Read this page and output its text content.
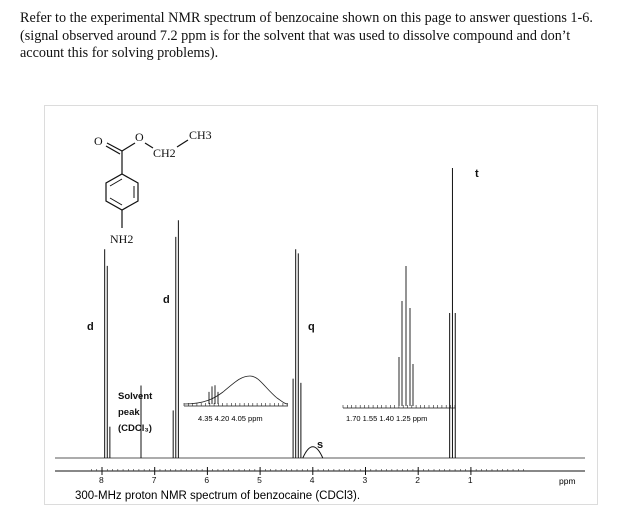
Refer to the experimental NMR spectrum of benzocaine shown on this page to answer questions 1-6. (signal observed around 7.2 ppm is for the solvent that was used to dissolve compound and don’t account this for solving problems).

O	O
CH2
CH3
NH2
8	7	6	5	4	3	2	1	ppm
d
d
q
s
t
Solvent
peak
(CDCl₃)
4.35 4.20 4.05 ppm	1.70 1.55 1.40 1.25 ppm
300-MHz proton NMR spectrum of benzocaine (CDCl3).
